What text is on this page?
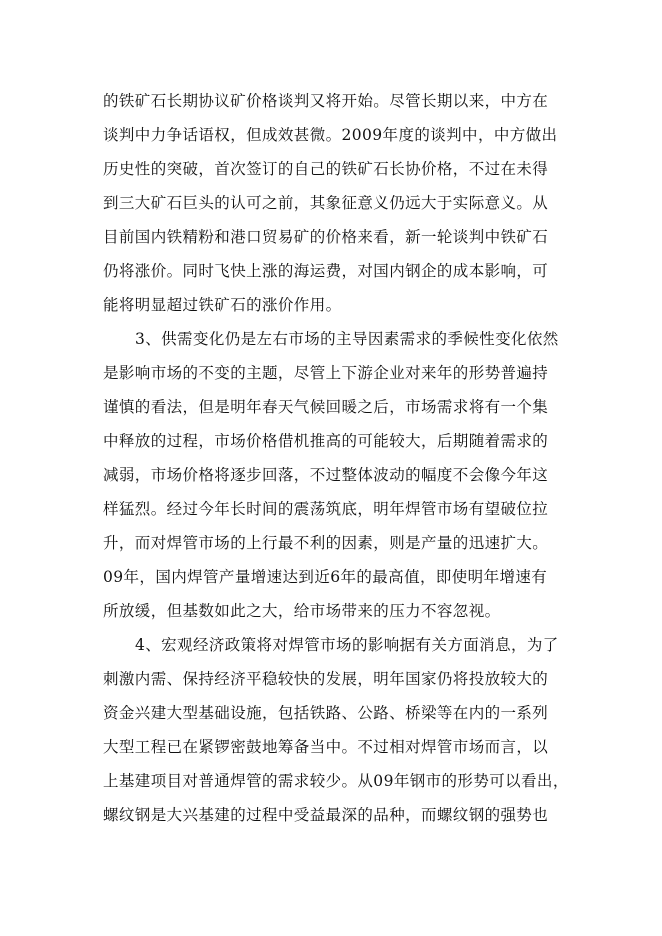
的铁矿石长期协议矿价格谈判又将开始。尽管长期以来，中方在
谈判中力争话语权，但成效甚微。2009年度的谈判中，中方做出
历史性的突破，首次签订的自己的铁矿石长协价格，不过在未得
到三大矿石巨头的认可之前，其象征意义仍远大于实际意义。从
目前国内铁精粉和港口贸易矿的价格来看，新一轮谈判中铁矿石
仍将涨价。同时飞快上涨的海运费，对国内钢企的成本影响，可
能将明显超过铁矿石的涨价作用。
3、供需变化仍是左右市场的主导因素需求的季候性变化依然
是影响市场的不变的主题，尽管上下游企业对来年的形势普遍持
谨慎的看法，但是明年春天气候回暖之后，市场需求将有一个集
中释放的过程，市场价格借机推高的可能较大，后期随着需求的
减弱，市场价格将逐步回落，不过整体波动的幅度不会像今年这
样猛烈。经过今年长时间的震荡筑底，明年焊管市场有望破位拉
升，而对焊管市场的上行最不利的因素，则是产量的迅速扩大。
09年，国内焊管产量增速达到近6年的最高值，即使明年增速有
所放缓，但基数如此之大，给市场带来的压力不容忽视。
4、宏观经济政策将对焊管市场的影响据有关方面消息，为了
刺激内需、保持经济平稳较快的发展，明年国家仍将投放较大的
资金兴建大型基础设施，包括铁路、公路、桥梁等在内的一系列
大型工程已在紧锣密鼓地筹备当中。不过相对焊管市场而言，以
上基建项目对普通焊管的需求较少。从09年钢市的形势可以看出，
螺纹钢是大兴基建的过程中受益最深的品种，而螺纹钢的强势也
